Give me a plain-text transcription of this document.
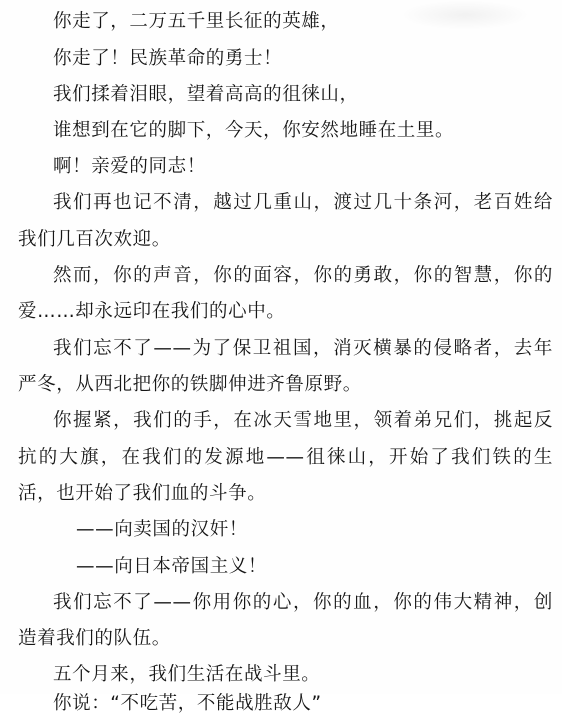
你走了，二万五千里长征的英雄，
你走了！民族革命的勇士！
我们揉着泪眼，望着高高的徂徕山，
谁想到在它的脚下，今天，你安然地睡在土里。
啊！亲爱的同志！
我们再也记不清，越过几重山，渡过几十条河，老百姓给
我们几百次欢迎。
然而，你的声音，你的面容，你的勇敢，你的智慧，你的
爱……却永远印在我们的心中。
我们忘不了——为了保卫祖国，消灭横暴的侵略者，去年
严冬，从西北把你的铁脚伸进齐鲁原野。
你握紧，我们的手，在冰天雪地里，领着弟兄们，挑起反
抗的大旗，在我们的发源地——徂徕山，开始了我们铁的生
活，也开始了我们血的斗争。
——向卖国的汉奸！
——向日本帝国主义！
我们忘不了——你用你的心，你的血，你的伟大精神，创
造着我们的队伍。
五个月来，我们生活在战斗里。
你说：“不吃苦，不能战胜敌人”
